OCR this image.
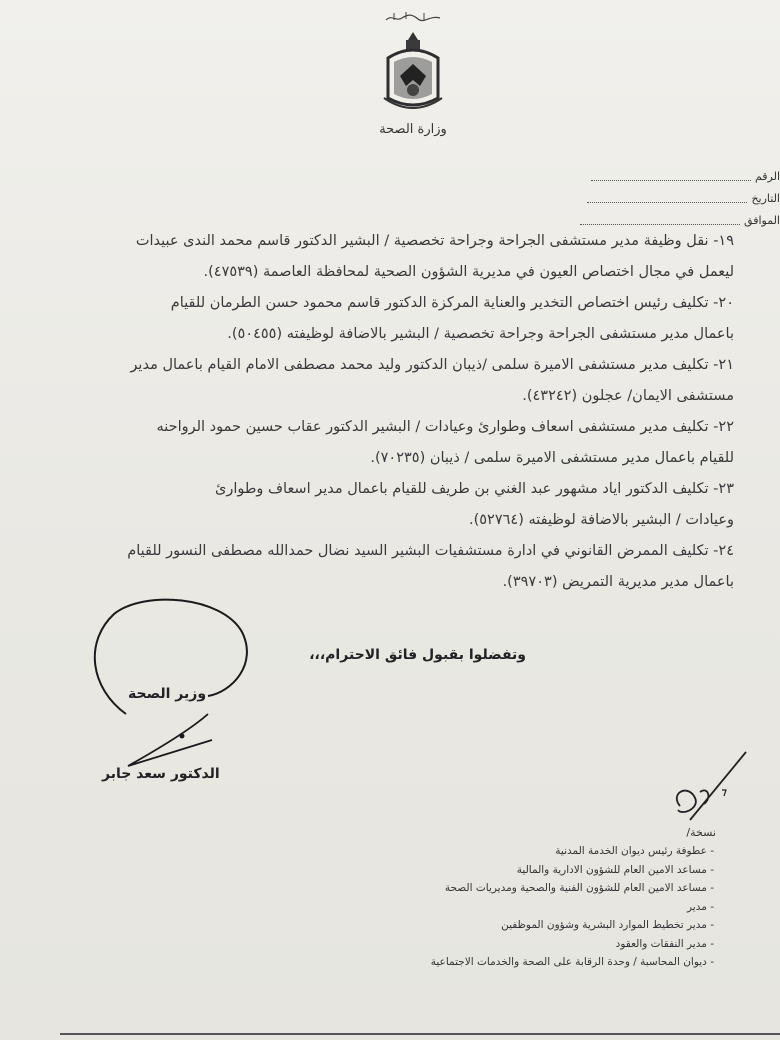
وزارة الصحة
الرقم
التاريخ
الموافق

١٩- نقل وظيفة مدير مستشفى الجراحة وجراحة تخصصية / البشير الدكتور قاسم محمد الندى عبيدات
ليعمل في مجال اختصاص العيون في مديرية الشؤون الصحية لمحافظة العاصمة (٤٧٥٣٩).

٢٠- تكليف رئيس اختصاص التخدير والعناية المركزة الدكتور قاسم محمود حسن الطرمان للقيام
باعمال مدير مستشفى الجراحة وجراحة تخصصية / البشير بالاضافة لوظيفته (٥٠٤٥٥).

٢١- تكليف مدير مستشفى الاميرة سلمى /ذيبان الدكتور وليد محمد مصطفى الامام القيام باعمال مدير
مستشفى الايمان/ عجلون (٤٣٢٤٢).

٢٢- تكليف مدير مستشفى اسعاف وطوارئ وعيادات / البشير الدكتور عقاب حسين حمود الرواحنه
للقيام باعمال مدير مستشفى الاميرة سلمى / ذيبان (٧٠٢٣٥).

٢٣- تكليف الدكتور اياد مشهور عبد الغني بن طريف للقيام باعمال مدير اسعاف وطوارئ
وعيادات / البشير بالاضافة لوظيفته (٥٢٧٦٤).

٢٤- تكليف الممرض القانوني في ادارة مستشفيات البشير السيد نضال حمدالله مصطفى النسور للقيام
باعمال مدير مديرية التمريض (٣٩٧٠٣).

وتفضلوا بقبول فائق الاحترام،،،
وزير الصحة
الدكتور سعد جابر
نسخة/
- عطوفة رئيس ديوان الخدمة المدنية
- مساعد الامين العام للشؤون الادارية والمالية
- مساعد الامين العام للشؤون الفنية والصحية ومديريات الصحة
- مدير
- مدير تخطيط الموارد البشرية وشؤون الموظفين
- مدير النفقات والعقود
- ديوان المحاسبة / وحدة الرقابة على الصحة والخدمات الاجتماعية
